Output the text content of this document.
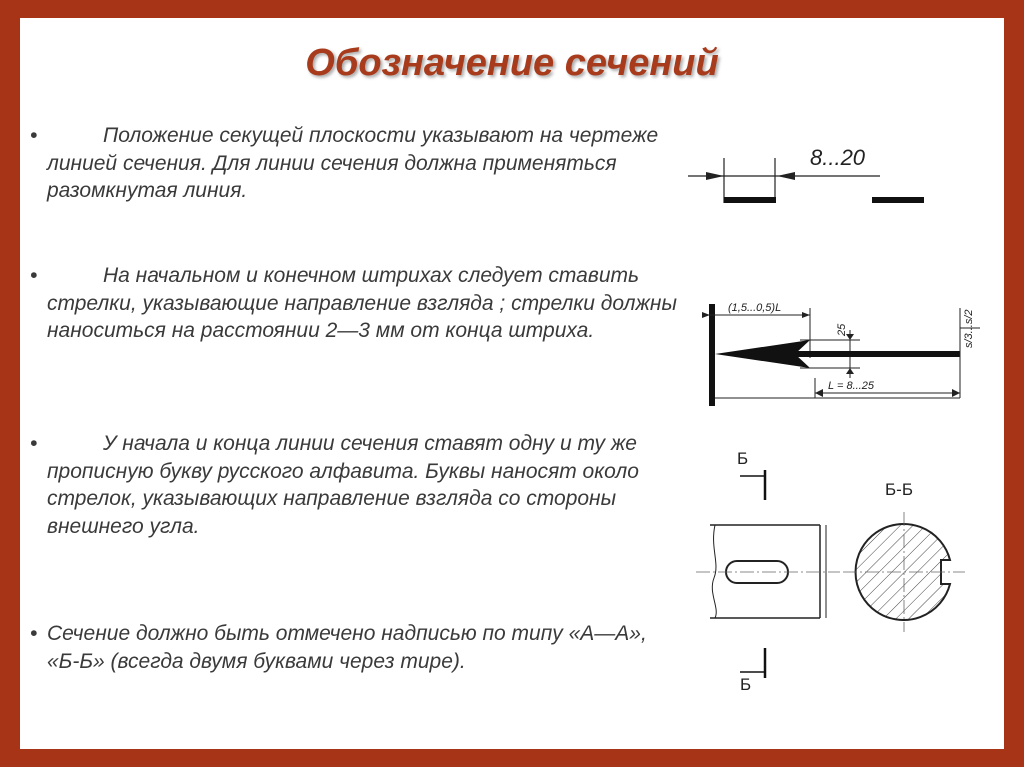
Обозначение сечений
•	Положение секущей плоскости указывают на чертеже линией сечения. Для линии сечения должна применяться разомкнутая линия.
•	На начальном и конечном штрихах следует ставить стрелки, указывающие направление взгляда ; стрелки должны наноситься на расстоянии 2—3 мм от конца штриха.
•	У начала и конца линии сечения ставят одну и ту же прописную букву русского алфавита. Буквы наносят около стрелок, указывающих направление взгляда со стороны внешнего угла.
• Сечение должно быть отмечено надписью по типу «А—А», «Б-Б» (всегда двумя буквами через тире).
8...20
(1,5...0,5)L
25	s/3...s/2
L = 8...25
Б
Б
Б-Б
